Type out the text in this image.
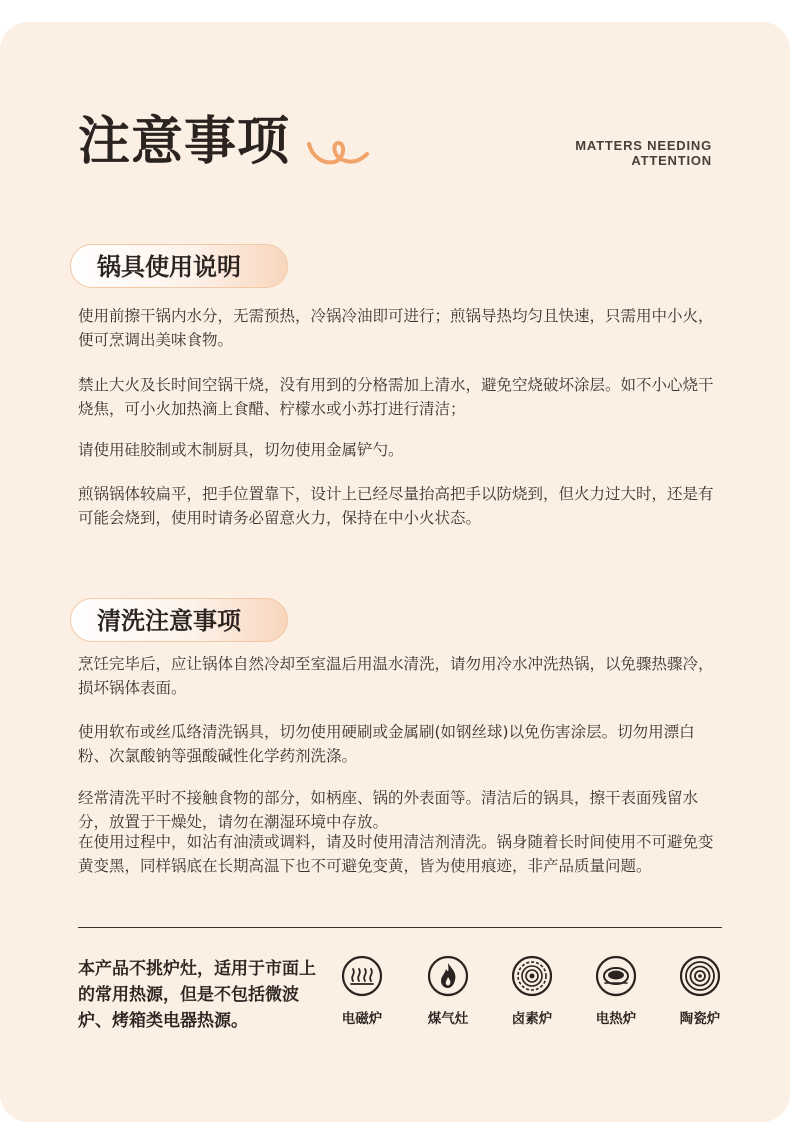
注意事项	MATTERS NEEDING
ATTENTION
锅具使用说明

使用前擦干锅内水分，无需预热，冷锅冷油即可进行；煎锅导热均匀且快速，只需用中小火，便可烹调出美味食物。

禁止大火及长时间空锅干烧，没有用到的分格需加上清水，避免空烧破坏涂层。如不小心烧干烧焦，可小火加热滴上食醋、柠檬水或小苏打进行清洁；

请使用硅胶制或木制厨具，切勿使用金属铲勺。

煎锅锅体较扁平，把手位置靠下，设计上已经尽量抬高把手以防烧到，但火力过大时，还是有可能会烧到，使用时请务必留意火力，保持在中小火状态。

清洗注意事项

烹饪完毕后，应让锅体自然冷却至室温后用温水清洗，请勿用冷水冲洗热锅，以免骤热骤冷，损坏锅体表面。

使用软布或丝瓜络清洗锅具，切勿使用硬刷或金属刷(如钢丝球)以免伤害涂层。切勿用漂白粉、次氯酸钠等强酸碱性化学药剂洗涤。

经常清洗平时不接触食物的部分，如柄座、锅的外表面等。清洁后的锅具，擦干表面残留水分，放置于干燥处，请勿在潮湿环境中存放。

在使用过程中，如沾有油渍或调料，请及时使用清洁剂清洗。锅身随着长时间使用不可避免变黄变黑，同样锅底在长期高温下也不可避免变黄，皆为使用痕迹，非产品质量问题。

本产品不挑炉灶，适用于市面上的常用热源，但是不包括微波炉、烤箱类电器热源。	电磁炉	煤气灶	卤素炉	电热炉	陶瓷炉
